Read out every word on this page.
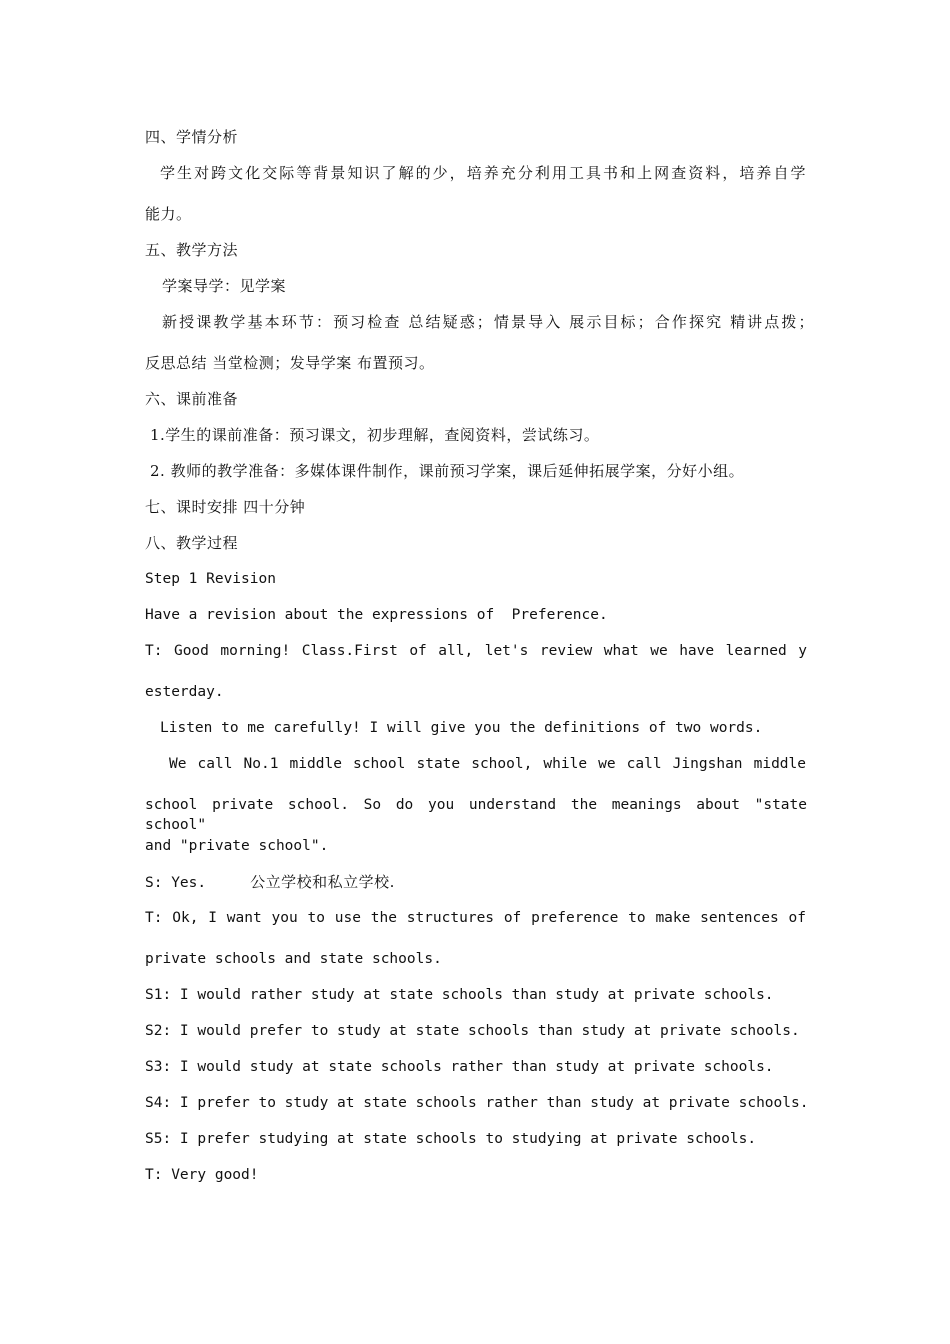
四、学情分析
学生对跨文化交际等背景知识了解的少，培养充分利用工具书和上网查资料，培养自学
能力。
五、教学方法
学案导学：见学案
新授课教学基本环节：预习检查 总结疑惑；情景导入 展示目标；合作探究 精讲点拨；
反思总结 当堂检测；发导学案 布置预习。
六、课前准备
1.学生的课前准备：预习课文，初步理解，查阅资料，尝试练习。
2. 教师的教学准备：多媒体课件制作，课前预习学案，课后延伸拓展学案，分好小组。
七、课时安排 四十分钟
八、教学过程
Step 1 Revision
Have a revision about the expressions of  Preference.
T: Good morning! Class.First of all, let's review what we have learned y
esterday.
Listen to me carefully! I will give you the definitions of two words.
We call No.1 middle school state school, while we call Jingshan middle
school private school. So do you understand the meanings about "state school"
and "private school".
S: Yes.	公立学校和私立学校.
T: Ok, I want you to use the structures of preference to make sentences of
private schools and state schools.
S1: I would rather study at state schools than study at private schools.
S2: I would prefer to study at state schools than study at private schools.
S3: I would study at state schools rather than study at private schools.
S4: I prefer to study at state schools rather than study at private schools.
S5: I prefer studying at state schools to studying at private schools.
T: Very good!
